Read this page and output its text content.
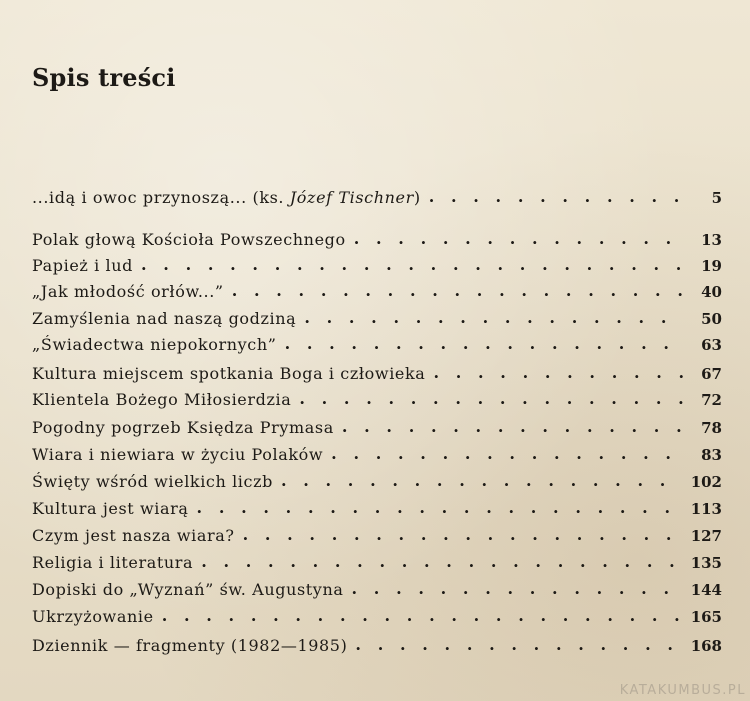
Spis treści
...idą i owoc przynoszą... (ks. Józef Tischner) . .	5
Polak głową Kościoła Powszechnego . .	13
Papież i lud . .	19
„Jak młodość orłów...” . .	40
Zamyślenia nad naszą godziną . .	50
„Świadectwa niepokornych” . .	63
Kultura miejscem spotkania Boga i człowieka . .	67
Klientela Bożego Miłosierdzia . .	72
Pogodny pogrzeb Księdza Prymasa . .	78
Wiara i niewiara w życiu Polaków . .	83
Święty wśród wielkich liczb . .	102
Kultura jest wiarą . .	113
Czym jest nasza wiara? . .	127
Religia i literatura . .	135
Dopiski do „Wyznań” św. Augustyna . .	144
Ukrzyżowanie . .	165
Dziennik — fragmenty (1982—1985) . .	168
KATAKUMBUS.PL
